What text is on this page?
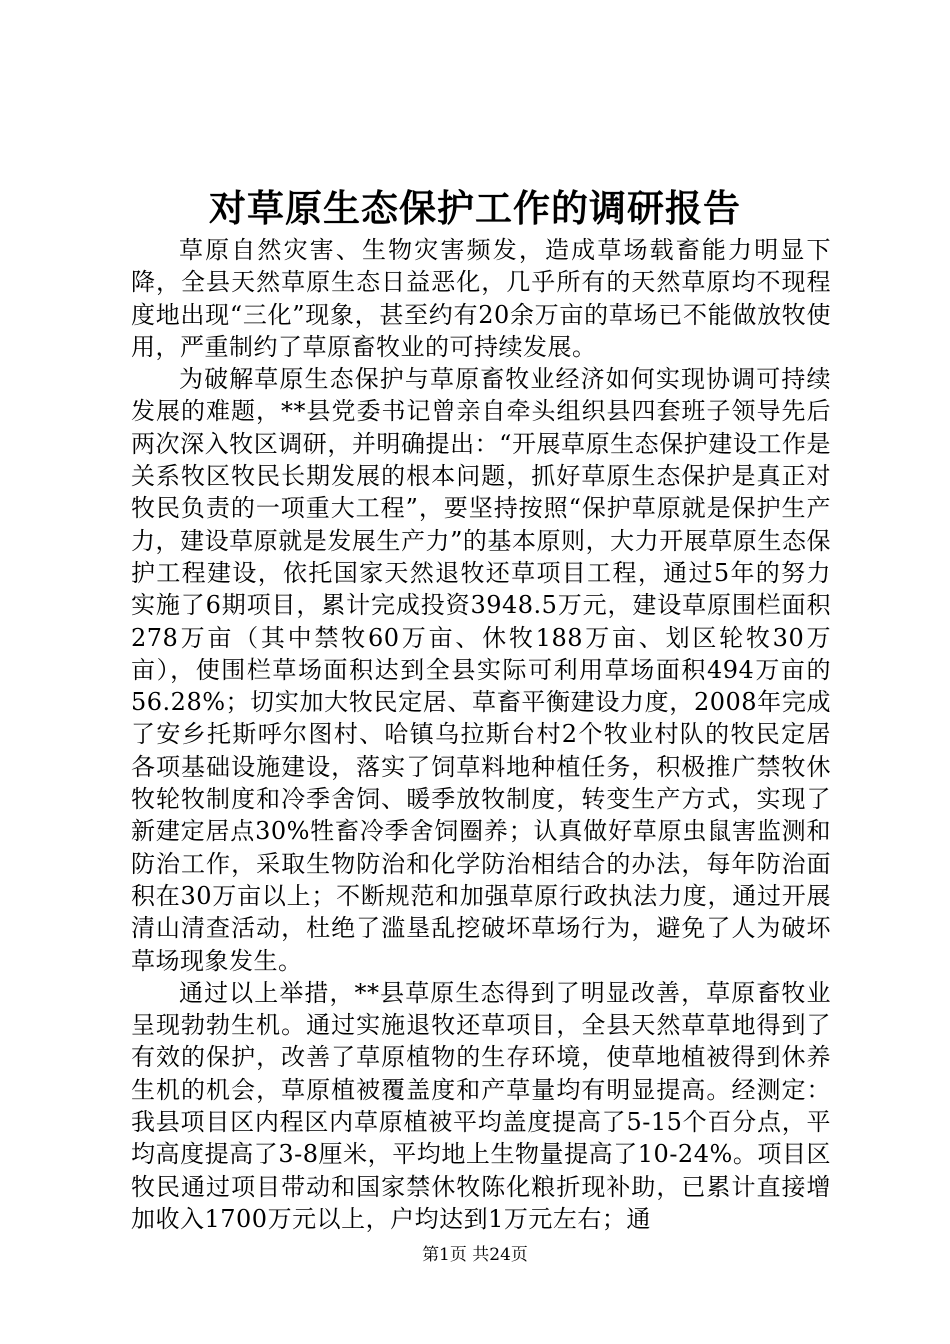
对草原生态保护工作的调研报告

草原自然灾害、生物灾害频发，造成草场载畜能力明显下降，全县天然草原生态日益恶化，几乎所有的天然草原均不现程度地出现“三化”现象，甚至约有20余万亩的草场已不能做放牧使用，严重制约了草原畜牧业的可持续发展。

为破解草原生态保护与草原畜牧业经济如何实现协调可持续发展的难题，**县党委书记曾亲自牵头组织县四套班子领导先后两次深入牧区调研，并明确提出：“开展草原生态保护建设工作是关系牧区牧民长期发展的根本问题，抓好草原生态保护是真正对牧民负责的一项重大工程”，要坚持按照“保护草原就是保护生产力，建设草原就是发展生产力”的基本原则，大力开展草原生态保护工程建设，依托国家天然退牧还草项目工程，通过5年的努力实施了6期项目，累计完成投资3948.5万元，建设草原围栏面积278万亩（其中禁牧60万亩、休牧188万亩、划区轮牧30万亩），使围栏草场面积达到全县实际可利用草场面积494万亩的56.28%；切实加大牧民定居、草畜平衡建设力度，2008年完成了安乡托斯呼尔图村、哈镇乌拉斯台村2个牧业村队的牧民定居各项基础设施建设，落实了饲草料地种植任务，积极推广禁牧休牧轮牧制度和冷季舍饲、暖季放牧制度，转变生产方式，实现了新建定居点30%牲畜冷季舍饲圈养；认真做好草原虫鼠害监测和防治工作，采取生物防治和化学防治相结合的办法，每年防治面积在30万亩以上；不断规范和加强草原行政执法力度，通过开展清山清查活动，杜绝了滥垦乱挖破坏草场行为，避免了人为破坏草场现象发生。

通过以上举措，**县草原生态得到了明显改善，草原畜牧业呈现勃勃生机。通过实施退牧还草项目，全县天然草草地得到了有效的保护，改善了草原植物的生存环境，使草地植被得到休养生机的机会，草原植被覆盖度和产草量均有明显提高。经测定：我县项目区内程区内草原植被平均盖度提高了5-15个百分点，平均高度提高了3-8厘米，平均地上生物量提高了10-24%。项目区牧民通过项目带动和国家禁休牧陈化粮折现补助，已累计直接增加收入1700万元以上，户均达到1万元左右；通

第1页 共24页
